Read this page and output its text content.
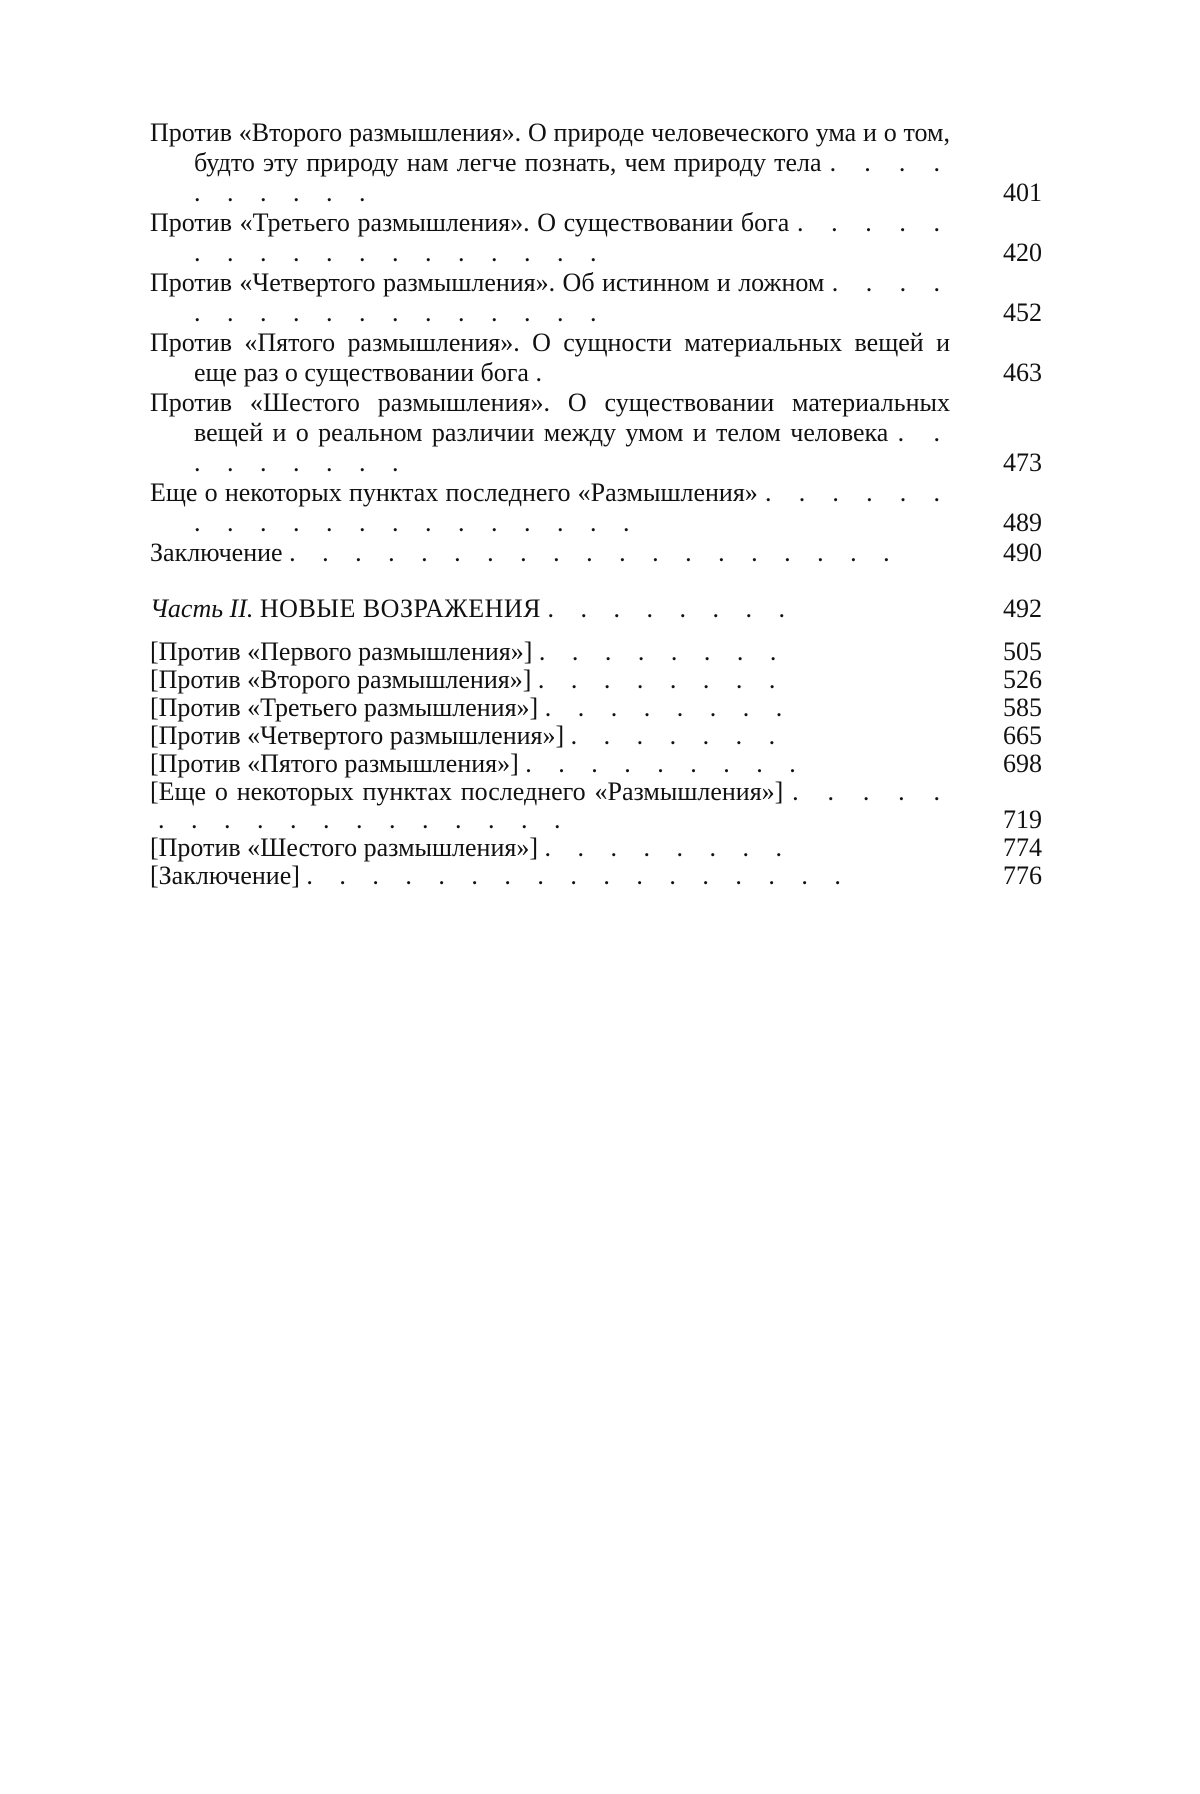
Против «Второго размышления». О природе человеческого ума и о том, будто эту природу нам легче познать, чем природу тела . . . . . . . . . .	401
Против «Третьего размышления». О существовании бога . . . . . . . . . . . . . . . . . .	420
Против «Четвертого размышления». Об истинном и ложном . . . . . . . . . . . . . . . . .	452
Против «Пятого размышления». О сущности материальных вещей и еще раз о существовании бога .	463
Против «Шестого размышления». О существовании материальных вещей и о реальном различии между умом и телом человека . . . . . . . . .	473
Еще о некоторых пунктах последнего «Размышления» . . . . . . . . . . . . . . . . . . . .	489
Заключение . . . . . . . . . . . . . . . . . . .	490
Часть II. НОВЫЕ ВОЗРАЖЕНИЯ . . . . . . . .	492
[Против «Первого размышления»] . . . . . . . .	505
[Против «Второго размышления»] . . . . . . . .	526
[Против «Третьего размышления»] . . . . . . . .	585
[Против «Четвертого размышления»] . . . . . . .	665
[Против «Пятого размышления»] . . . . . . . . .	698
[Еще о некоторых пунктах последнего «Размышления»] . . . . . . . . . . . . . . . . . .	719
[Против «Шестого размышления»] . . . . . . . .	774
[Заключение] . . . . . . . . . . . . . . . . .	776
